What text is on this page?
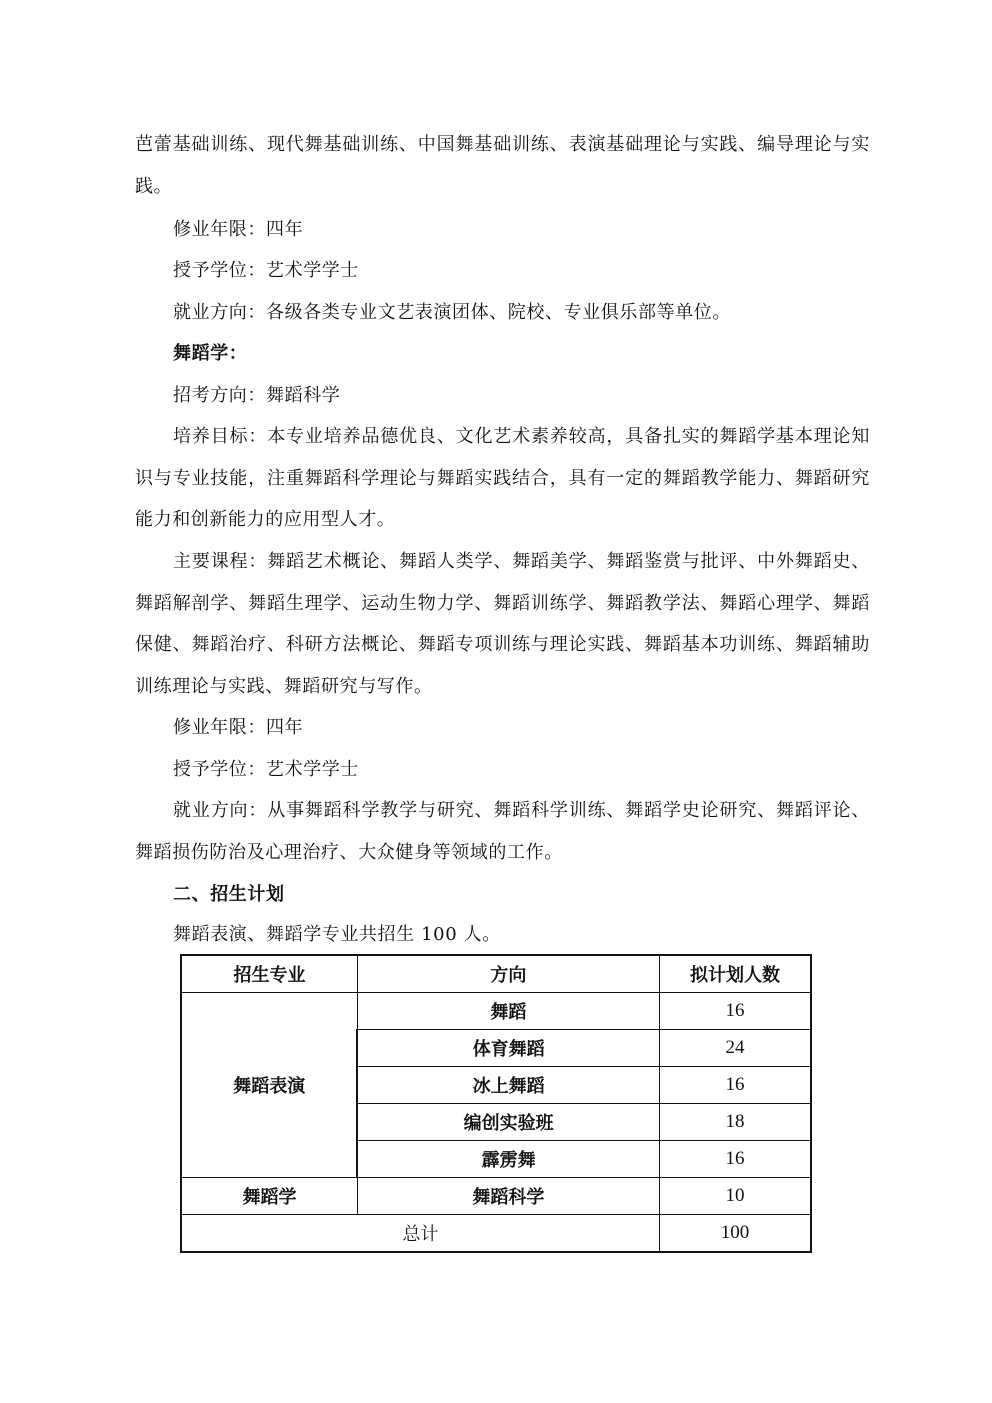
芭蕾基础训练、现代舞基础训练、中国舞基础训练、表演基础理论与实践、编导理论与实践。
修业年限：四年
授予学位：艺术学学士
就业方向：各级各类专业文艺表演团体、院校、专业俱乐部等单位。
舞蹈学：
招考方向：舞蹈科学
培养目标：本专业培养品德优良、文化艺术素养较高，具备扎实的舞蹈学基本理论知识与专业技能，注重舞蹈科学理论与舞蹈实践结合，具有一定的舞蹈教学能力、舞蹈研究能力和创新能力的应用型人才。
主要课程：舞蹈艺术概论、舞蹈人类学、舞蹈美学、舞蹈鉴赏与批评、中外舞蹈史、舞蹈解剖学、舞蹈生理学、运动生物力学、舞蹈训练学、舞蹈教学法、舞蹈心理学、舞蹈保健、舞蹈治疗、科研方法概论、舞蹈专项训练与理论实践、舞蹈基本功训练、舞蹈辅助训练理论与实践、舞蹈研究与写作。
修业年限：四年
授予学位：艺术学学士
就业方向：从事舞蹈科学教学与研究、舞蹈科学训练、舞蹈学史论研究、舞蹈评论、舞蹈损伤防治及心理治疗、大众健身等领域的工作。
二、招生计划
舞蹈表演、舞蹈学专业共招生 100 人。
招生专业	方向	拟计划人数
舞蹈表演	舞蹈	16
	体育舞蹈	24
	冰上舞蹈	16
	编创实验班	18
	霹雳舞	16
舞蹈学	舞蹈科学	10
总计		100
